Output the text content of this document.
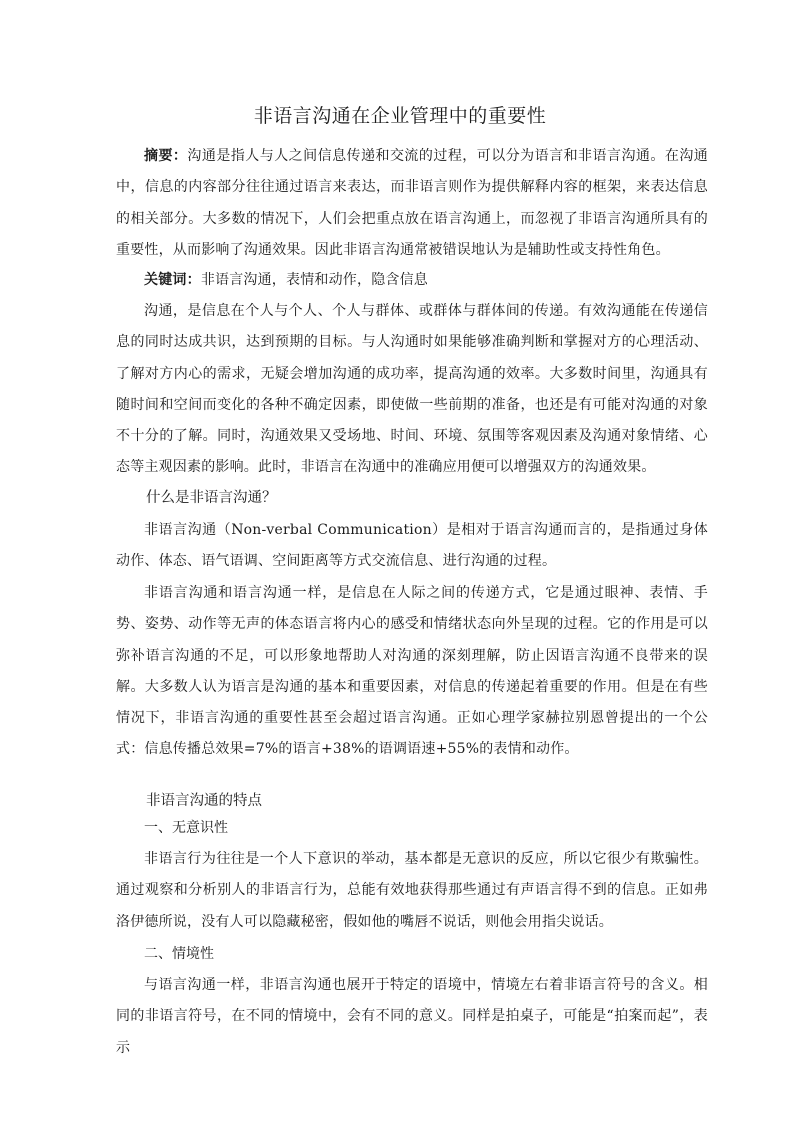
非语言沟通在企业管理中的重要性
摘要：沟通是指人与人之间信息传递和交流的过程，可以分为语言和非语言沟通。在沟通中，信息的内容部分往往通过语言来表达，而非语言则作为提供解释内容的框架，来表达信息的相关部分。大多数的情况下，人们会把重点放在语言沟通上，而忽视了非语言沟通所具有的重要性，从而影响了沟通效果。因此非语言沟通常被错误地认为是辅助性或支持性角色。
关键词：非语言沟通，表情和动作，隐含信息
沟通，是信息在个人与个人、个人与群体、或群体与群体间的传递。有效沟通能在传递信息的同时达成共识，达到预期的目标。与人沟通时如果能够准确判断和掌握对方的心理活动、了解对方内心的需求，无疑会增加沟通的成功率，提高沟通的效率。大多数时间里，沟通具有随时间和空间而变化的各种不确定因素，即使做一些前期的准备，也还是有可能对沟通的对象不十分的了解。同时，沟通效果又受场地、时间、环境、氛围等客观因素及沟通对象情绪、心态等主观因素的影响。此时，非语言在沟通中的准确应用便可以增强双方的沟通效果。
什么是非语言沟通？
非语言沟通（Non-verbal Communication）是相对于语言沟通而言的，是指通过身体动作、体态、语气语调、空间距离等方式交流信息、进行沟通的过程。
非语言沟通和语言沟通一样，是信息在人际之间的传递方式，它是通过眼神、表情、手势、姿势、动作等无声的体态语言将内心的感受和情绪状态向外呈现的过程。它的作用是可以弥补语言沟通的不足，可以形象地帮助人对沟通的深刻理解，防止因语言沟通不良带来的误解。大多数人认为语言是沟通的基本和重要因素，对信息的传递起着重要的作用。但是在有些情况下，非语言沟通的重要性甚至会超过语言沟通。正如心理学家赫拉别恩曾提出的一个公式：信息传播总效果=7%的语言+38%的语调语速+55%的表情和动作。
非语言沟通的特点
一、无意识性
非语言行为往往是一个人下意识的举动，基本都是无意识的反应，所以它很少有欺骗性。通过观察和分析别人的非语言行为，总能有效地获得那些通过有声语言得不到的信息。正如弗洛伊德所说，没有人可以隐藏秘密，假如他的嘴唇不说话，则他会用指尖说话。
二、情境性
与语言沟通一样，非语言沟通也展开于特定的语境中，情境左右着非语言符号的含义。相同的非语言符号，在不同的情境中，会有不同的意义。同样是拍桌子，可能是“拍案而起”，表示
